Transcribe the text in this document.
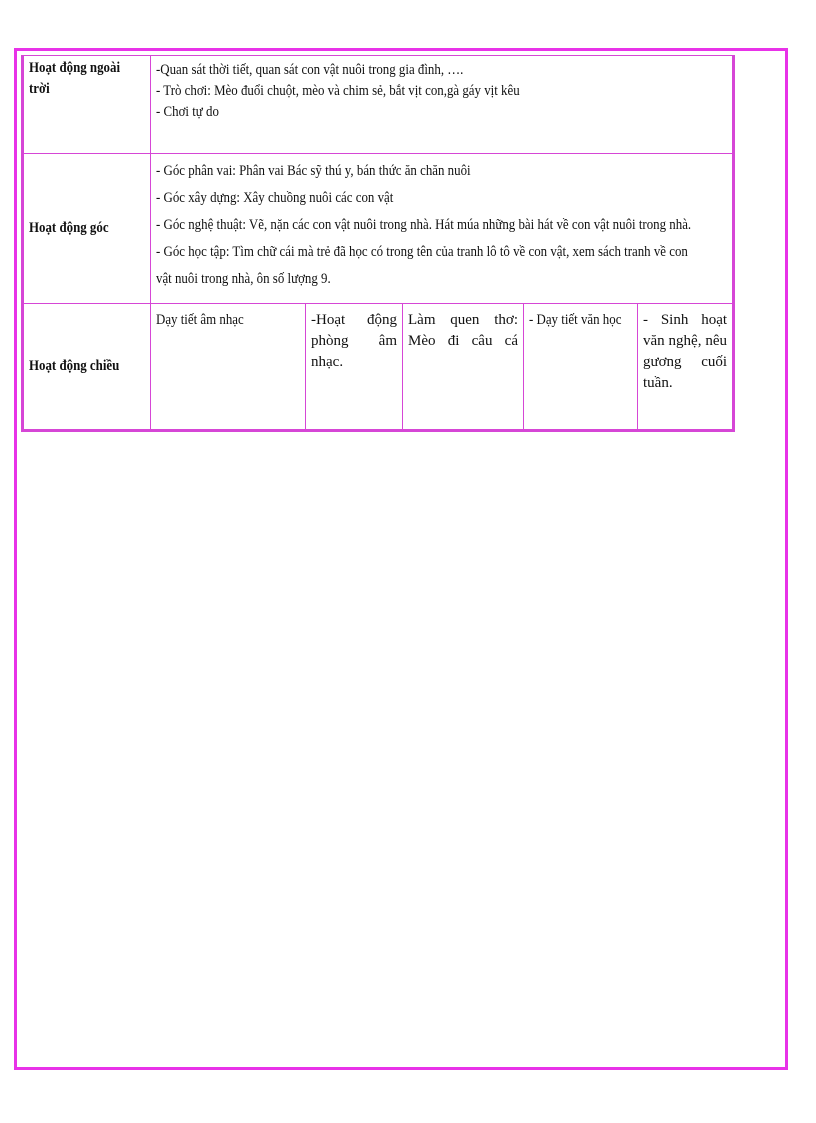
Hoạt động ngoài trời	-Quan sát thời tiết, quan sát con vật nuôi trong gia đình, ….
- Trò chơi: Mèo đuổi chuột, mèo và chim sẻ, bắt vịt con,gà gáy vịt kêu
- Chơi tự do				

Hoạt động góc	- Góc phân vai: Phân vai Bác sỹ thú y, bán thức ăn chăn nuôi
- Góc xây dựng: Xây chuồng nuôi các con vật
- Góc nghệ thuật: Vẽ, nặn các con vật nuôi trong nhà. Hát múa những bài hát về con vật nuôi trong nhà.
- Góc học tập: Tìm chữ cái mà trẻ đã học có trong tên của tranh lô tô về con vật, xem sách tranh về con
vật nuôi trong nhà, ôn số lượng 9.				

Hoạt động chiều	Dạy tiết âm nhạc	-Hoạt động phòng âm nhạc.	Làm quen thơ: Mèo đi câu cá	- Dạy tiết văn học	- Sinh hoạt văn nghệ, nêu gương cuối tuần.
